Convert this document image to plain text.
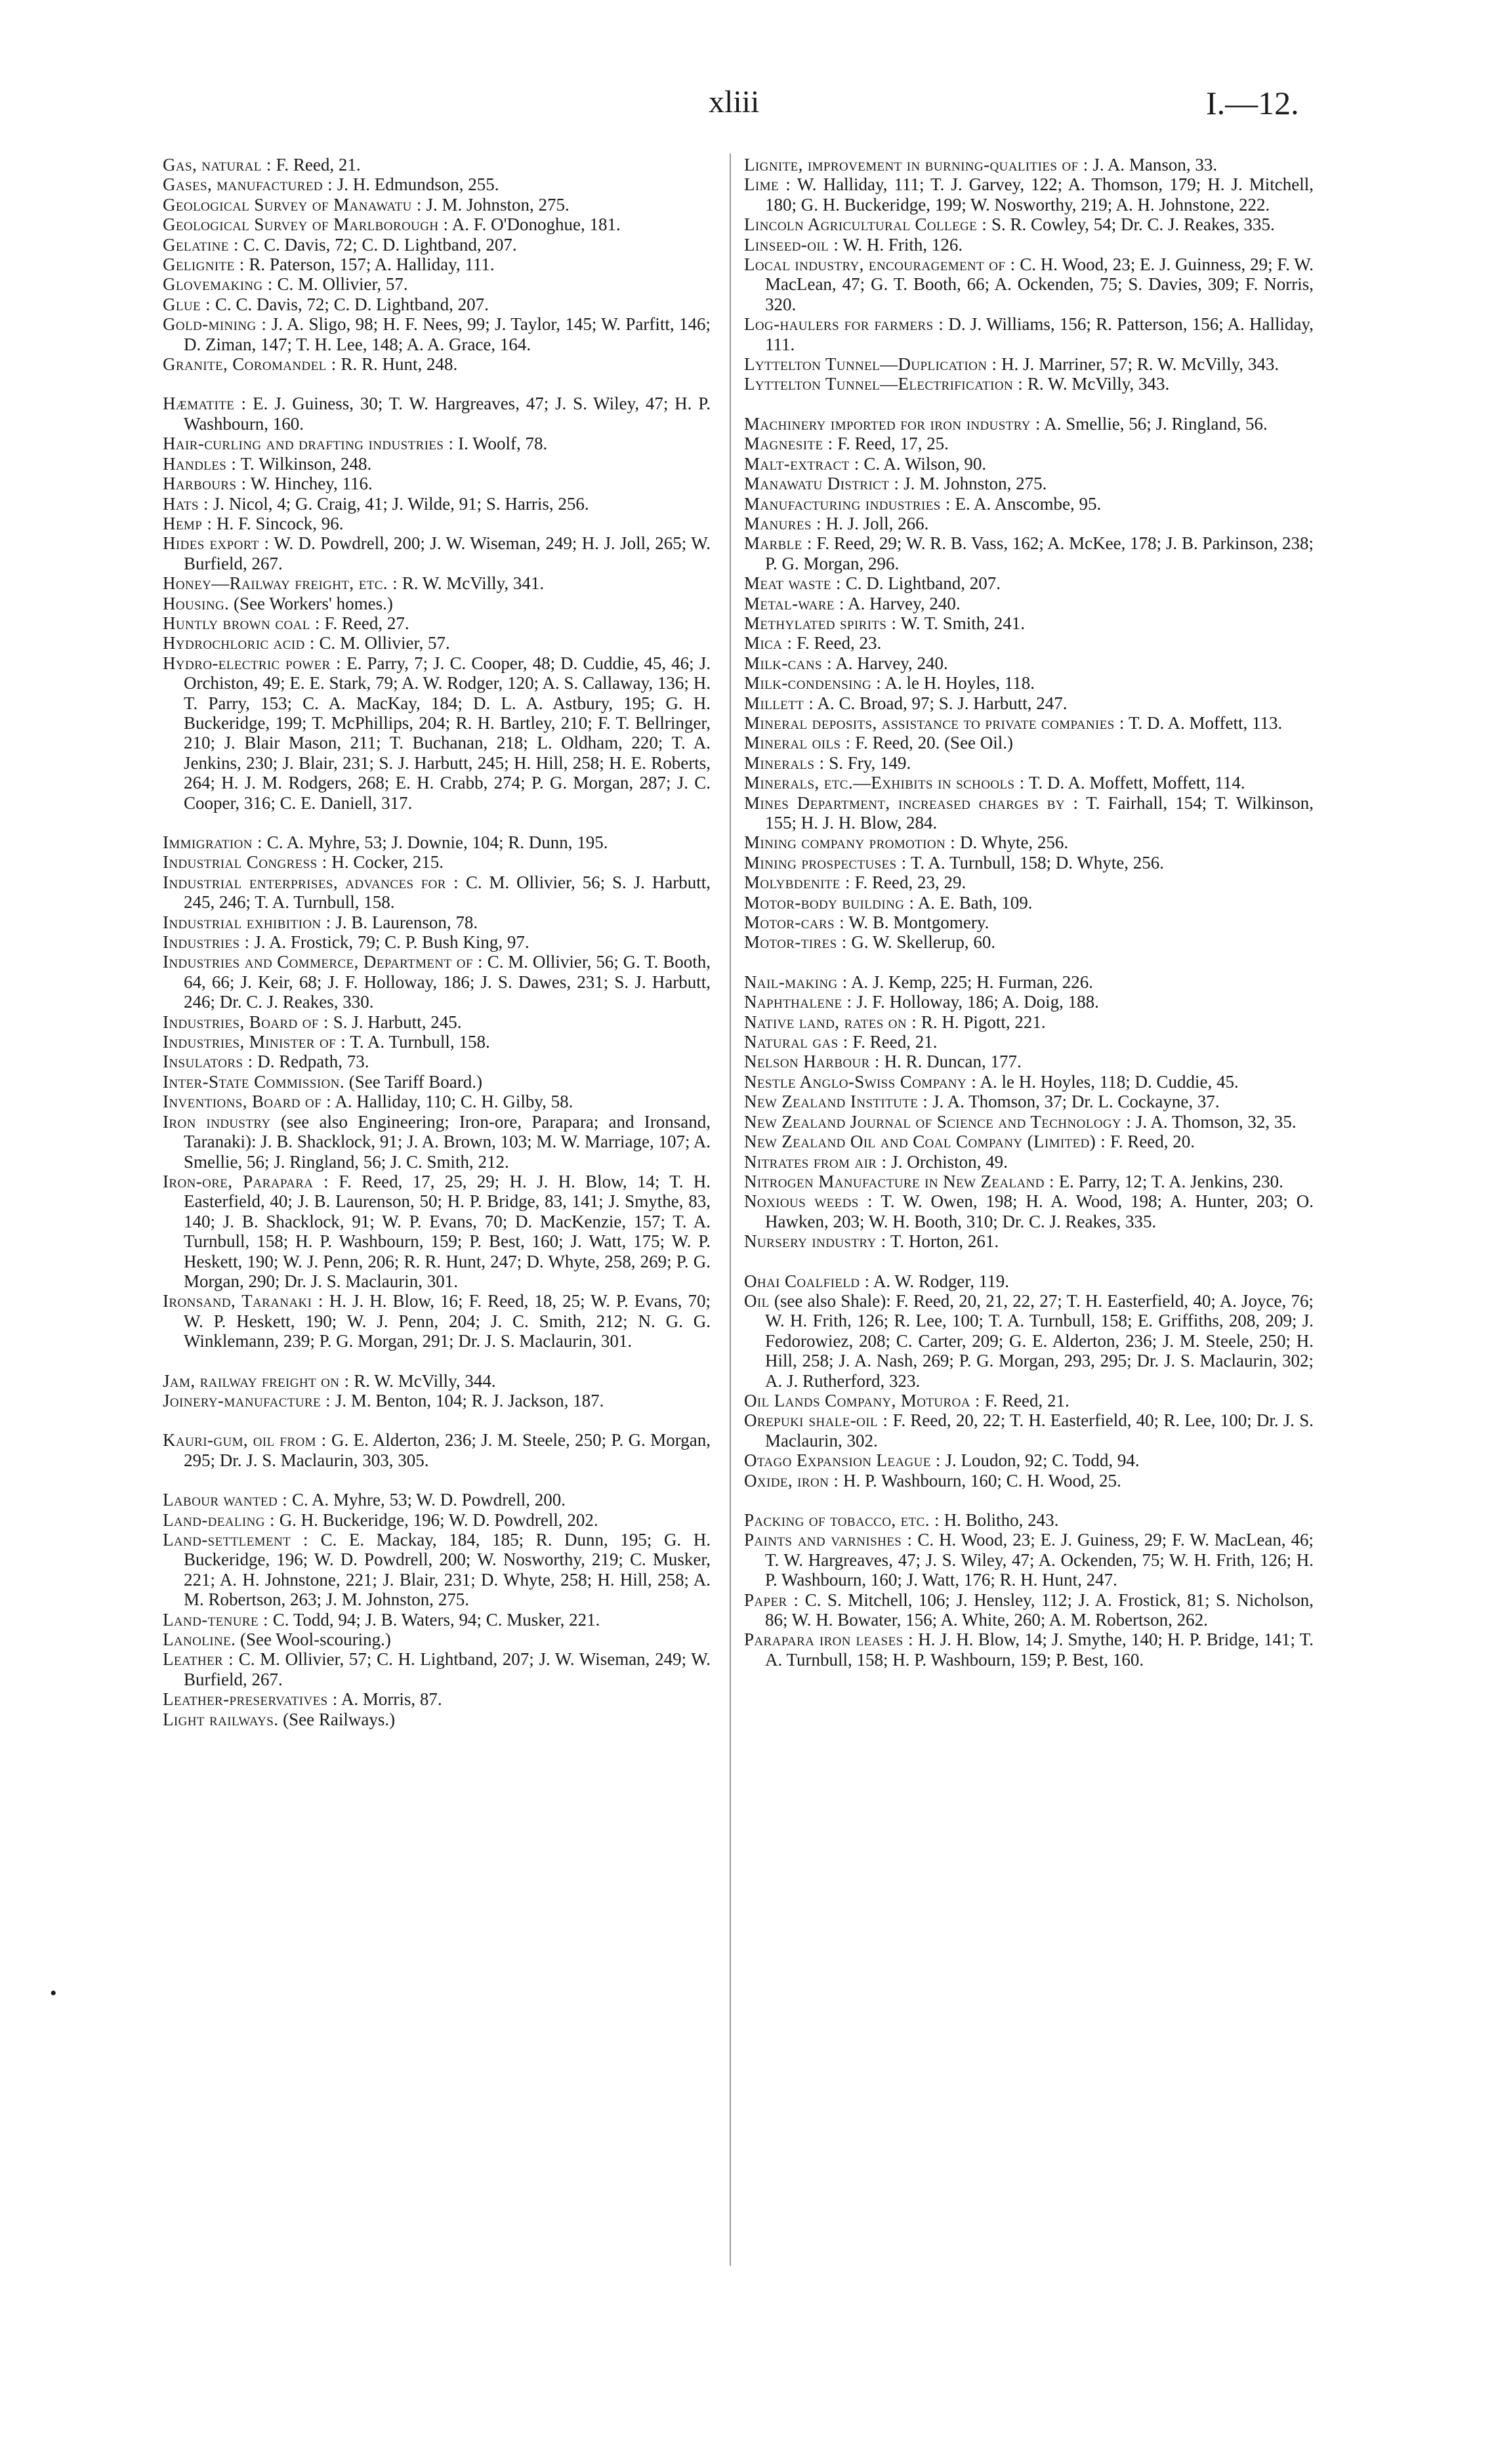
xliii	I.—12.

Gas, natural : F. Reed, 21.

Gases, manufactured : J. H. Edmundson, 255.

Geological Survey of Manawatu : J. M. Johnston, 275.

Geological Survey of Marlborough : A. F. O'Donoghue, 181.

Gelatine : C. C. Davis, 72; C. D. Lightband, 207.

Gelignite : R. Paterson, 157; A. Halliday, 111.

Glovemaking : C. M. Ollivier, 57.

Glue : C. C. Davis, 72; C. D. Lightband, 207.

Gold-mining : J. A. Sligo, 98; H. F. Nees, 99; J. Taylor, 145; W. Parfitt, 146; D. Ziman, 147; T. H. Lee, 148; A. A. Grace, 164.

Granite, Coromandel : R. R. Hunt, 248.

Hæmatite : E. J. Guiness, 30; T. W. Hargreaves, 47; J. S. Wiley, 47; H. P. Washbourn, 160.

Hair-curling and drafting industries : I. Woolf, 78.

Handles : T. Wilkinson, 248.

Harbours : W. Hinchey, 116.

Hats : J. Nicol, 4; G. Craig, 41; J. Wilde, 91; S. Harris, 256.

Hemp : H. F. Sincock, 96.

Hides export : W. D. Powdrell, 200; J. W. Wiseman, 249; H. J. Joll, 265; W. Burfield, 267.

Honey—Railway freight, etc. : R. W. McVilly, 341.

Housing. (See Workers' homes.)

Huntly brown coal : F. Reed, 27.

Hydrochloric acid : C. M. Ollivier, 57.

Hydro-electric power : E. Parry, 7; J. C. Cooper, 48; D. Cuddie, 45, 46; J. Orchiston, 49; E. E. Stark, 79; A. W. Rodger, 120; A. S. Callaway, 136; H. T. Parry, 153; C. A. MacKay, 184; D. L. A. Astbury, 195; G. H. Buckeridge, 199; T. McPhillips, 204; R. H. Bartley, 210; F. T. Bellringer, 210; J. Blair Mason, 211; T. Buchanan, 218; L. Oldham, 220; T. A. Jenkins, 230; J. Blair, 231; S. J. Harbutt, 245; H. Hill, 258; H. E. Roberts, 264; H. J. M. Rodgers, 268; E. H. Crabb, 274; P. G. Morgan, 287; J. C. Cooper, 316; C. E. Daniell, 317.

Immigration : C. A. Myhre, 53; J. Downie, 104; R. Dunn, 195.

Industrial Congress : H. Cocker, 215.

Industrial enterprises, advances for : C. M. Ollivier, 56; S. J. Harbutt, 245, 246; T. A. Turnbull, 158.

Industrial exhibition : J. B. Laurenson, 78.

Industries : J. A. Frostick, 79; C. P. Bush King, 97.

Industries and Commerce, Department of : C. M. Ollivier, 56; G. T. Booth, 64, 66; J. Keir, 68; J. F. Holloway, 186; J. S. Dawes, 231; S. J. Harbutt, 246; Dr. C. J. Reakes, 330.

Industries, Board of : S. J. Harbutt, 245.

Industries, Minister of : T. A. Turnbull, 158.

Insulators : D. Redpath, 73.

Inter-State Commission. (See Tariff Board.)

Inventions, Board of : A. Halliday, 110; C. H. Gilby, 58.

Iron industry (see also Engineering; Iron-ore, Parapara; and Ironsand, Taranaki): J. B. Shacklock, 91; J. A. Brown, 103; M. W. Marriage, 107; A. Smellie, 56; J. Ringland, 56; J. C. Smith, 212.

Iron-ore, Parapara : F. Reed, 17, 25, 29; H. J. H. Blow, 14; T. H. Easterfield, 40; J. B. Laurenson, 50; H. P. Bridge, 83, 141; J. Smythe, 83, 140; J. B. Shacklock, 91; W. P. Evans, 70; D. MacKenzie, 157; T. A. Turnbull, 158; H. P. Washbourn, 159; P. Best, 160; J. Watt, 175; W. P. Heskett, 190; W. J. Penn, 206; R. R. Hunt, 247; D. Whyte, 258, 269; P. G. Morgan, 290; Dr. J. S. Maclaurin, 301.

Ironsand, Taranaki : H. J. H. Blow, 16; F. Reed, 18, 25; W. P. Evans, 70; W. P. Heskett, 190; W. J. Penn, 204; J. C. Smith, 212; N. G. G. Winklemann, 239; P. G. Morgan, 291; Dr. J. S. Maclaurin, 301.

Jam, railway freight on : R. W. McVilly, 344.

Joinery-manufacture : J. M. Benton, 104; R. J. Jackson, 187.

Kauri-gum, oil from : G. E. Alderton, 236; J. M. Steele, 250; P. G. Morgan, 295; Dr. J. S. Maclaurin, 303, 305.

Labour wanted : C. A. Myhre, 53; W. D. Powdrell, 200.

Land-dealing : G. H. Buckeridge, 196; W. D. Powdrell, 202.

Land-settlement : C. E. Mackay, 184, 185; R. Dunn, 195; G. H. Buckeridge, 196; W. D. Powdrell, 200; W. Nosworthy, 219; C. Musker, 221; A. H. Johnstone, 221; J. Blair, 231; D. Whyte, 258; H. Hill, 258; A. M. Robertson, 263; J. M. Johnston, 275.

Land-tenure : C. Todd, 94; J. B. Waters, 94; C. Musker, 221.

Lanoline. (See Wool-scouring.)

Leather : C. M. Ollivier, 57; C. H. Lightband, 207; J. W. Wiseman, 249; W. Burfield, 267.

Leather-preservatives : A. Morris, 87.

Light railways. (See Railways.)

Lignite, improvement in burning-qualities of : J. A. Manson, 33.

Lime : W. Halliday, 111; T. J. Garvey, 122; A. Thomson, 179; H. J. Mitchell, 180; G. H. Buckeridge, 199; W. Nosworthy, 219; A. H. Johnstone, 222.

Lincoln Agricultural College : S. R. Cowley, 54; Dr. C. J. Reakes, 335.

Linseed-oil : W. H. Frith, 126.

Local industry, encouragement of : C. H. Wood, 23; E. J. Guinness, 29; F. W. MacLean, 47; G. T. Booth, 66; A. Ockenden, 75; S. Davies, 309; F. Norris, 320.

Log-haulers for farmers : D. J. Williams, 156; R. Patterson, 156; A. Halliday, 111.

Lyttelton Tunnel—Duplication : H. J. Marriner, 57; R. W. McVilly, 343.

Lyttelton Tunnel—Electrification : R. W. McVilly, 343.

Machinery imported for iron industry : A. Smellie, 56; J. Ringland, 56.

Magnesite : F. Reed, 17, 25.

Malt-extract : C. A. Wilson, 90.

Manawatu District : J. M. Johnston, 275.

Manufacturing industries : E. A. Anscombe, 95.

Manures : H. J. Joll, 266.

Marble : F. Reed, 29; W. R. B. Vass, 162; A. McKee, 178; J. B. Parkinson, 238; P. G. Morgan, 296.

Meat waste : C. D. Lightband, 207.

Metal-ware : A. Harvey, 240.

Methylated spirits : W. T. Smith, 241.

Mica : F. Reed, 23.

Milk-cans : A. Harvey, 240.

Milk-condensing : A. le H. Hoyles, 118.

Millett : A. C. Broad, 97; S. J. Harbutt, 247.

Mineral deposits, assistance to private companies : T. D. A. Moffett, 113.

Mineral oils : F. Reed, 20. (See Oil.)

Minerals : S. Fry, 149.

Minerals, etc.—Exhibits in schools : T. D. A. Moffett, Moffett, 114.

Mines Department, increased charges by : T. Fairhall, 154; T. Wilkinson, 155; H. J. H. Blow, 284.

Mining company promotion : D. Whyte, 256.

Mining prospectuses : T. A. Turnbull, 158; D. Whyte, 256.

Molybdenite : F. Reed, 23, 29.

Motor-body building : A. E. Bath, 109.

Motor-cars : W. B. Montgomery.

Motor-tires : G. W. Skellerup, 60.

Nail-making : A. J. Kemp, 225; H. Furman, 226.

Naphthalene : J. F. Holloway, 186; A. Doig, 188.

Native land, rates on : R. H. Pigott, 221.

Natural gas : F. Reed, 21.

Nelson Harbour : H. R. Duncan, 177.

Nestle Anglo-Swiss Company : A. le H. Hoyles, 118; D. Cuddie, 45.

New Zealand Institute : J. A. Thomson, 37; Dr. L. Cockayne, 37.

New Zealand Journal of Science and Technology : J. A. Thomson, 32, 35.

New Zealand Oil and Coal Company (Limited) : F. Reed, 20.

Nitrates from air : J. Orchiston, 49.

Nitrogen Manufacture in New Zealand : E. Parry, 12; T. A. Jenkins, 230.

Noxious weeds : T. W. Owen, 198; H. A. Wood, 198; A. Hunter, 203; O. Hawken, 203; W. H. Booth, 310; Dr. C. J. Reakes, 335.

Nursery industry : T. Horton, 261.

Ohai Coalfield : A. W. Rodger, 119.

Oil (see also Shale): F. Reed, 20, 21, 22, 27; T. H. Easterfield, 40; A. Joyce, 76; W. H. Frith, 126; R. Lee, 100; T. A. Turnbull, 158; E. Griffiths, 208, 209; J. Fedorowiez, 208; C. Carter, 209; G. E. Alderton, 236; J. M. Steele, 250; H. Hill, 258; J. A. Nash, 269; P. G. Morgan, 293, 295; Dr. J. S. Maclaurin, 302; A. J. Rutherford, 323.

Oil Lands Company, Moturoa : F. Reed, 21.

Orepuki shale-oil : F. Reed, 20, 22; T. H. Easterfield, 40; R. Lee, 100; Dr. J. S. Maclaurin, 302.

Otago Expansion League : J. Loudon, 92; C. Todd, 94.

Oxide, iron : H. P. Washbourn, 160; C. H. Wood, 25.

Packing of tobacco, etc. : H. Bolitho, 243.

Paints and varnishes : C. H. Wood, 23; E. J. Guiness, 29; F. W. MacLean, 46; T. W. Hargreaves, 47; J. S. Wiley, 47; A. Ockenden, 75; W. H. Frith, 126; H. P. Washbourn, 160; J. Watt, 176; R. H. Hunt, 247.

Paper : C. S. Mitchell, 106; J. Hensley, 112; J. A. Frostick, 81; S. Nicholson, 86; W. H. Bowater, 156; A. White, 260; A. M. Robertson, 262.

Parapara iron leases : H. J. H. Blow, 14; J. Smythe, 140; H. P. Bridge, 141; T. A. Turnbull, 158; H. P. Washbourn, 159; P. Best, 160.

•
